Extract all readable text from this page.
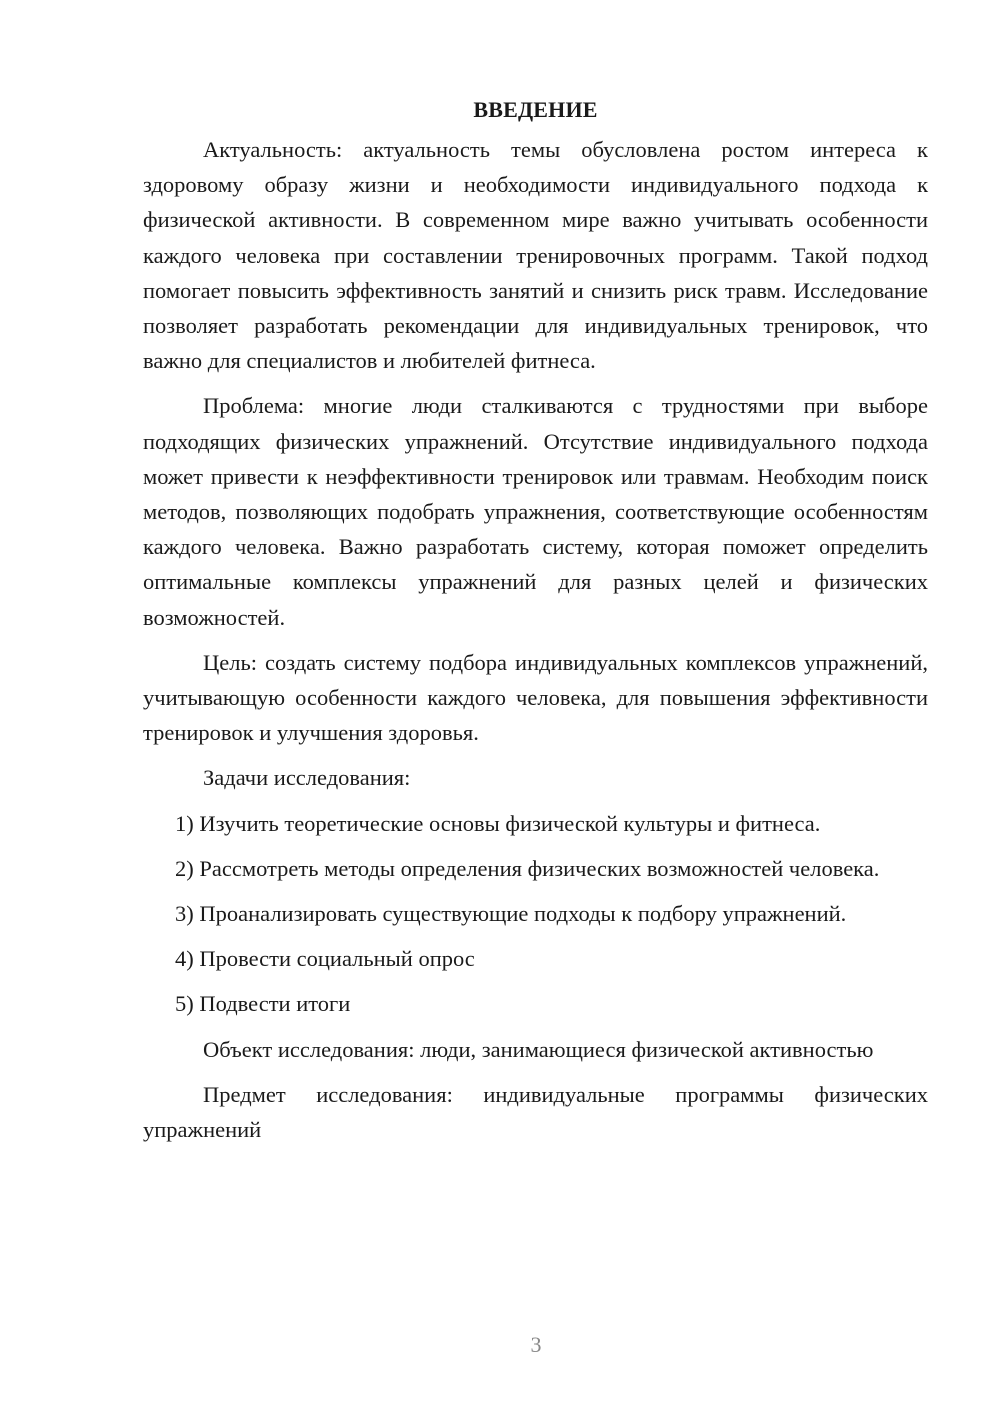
ВВЕДЕНИЕ

Актуальность: актуальность темы обусловлена ростом интереса к здоровому образу жизни и необходимости индивидуального подхода к физической активности. В современном мире важно учитывать особенности каждого человека при составлении тренировочных программ. Такой подход помогает повысить эффективность занятий и снизить риск травм. Исследование позволяет разработать рекомендации для индивидуальных тренировок, что важно для специалистов и любителей фитнеса.

Проблема: многие люди сталкиваются с трудностями при выборе подходящих физических упражнений. Отсутствие индивидуального подхода может привести к неэффективности тренировок или травмам. Необходим поиск методов, позволяющих подобрать упражнения, соответствующие особенностям каждого человека. Важно разработать систему, которая поможет определить оптимальные комплексы упражнений для разных целей и физических возможностей.

Цель: создать систему подбора индивидуальных комплексов упражнений, учитывающую особенности каждого человека, для повышения эффективности тренировок и улучшения здоровья.

Задачи исследования:

1) Изучить теоретические основы физической культуры и фитнеса.

2) Рассмотреть методы определения физических возможностей человека.

3) Проанализировать существующие подходы к подбору упражнений.

4) Провести социальный опрос

5) Подвести итоги

Объект исследования: люди, занимающиеся физической активностью

Предмет исследования: индивидуальные программы физических упражнений

3
